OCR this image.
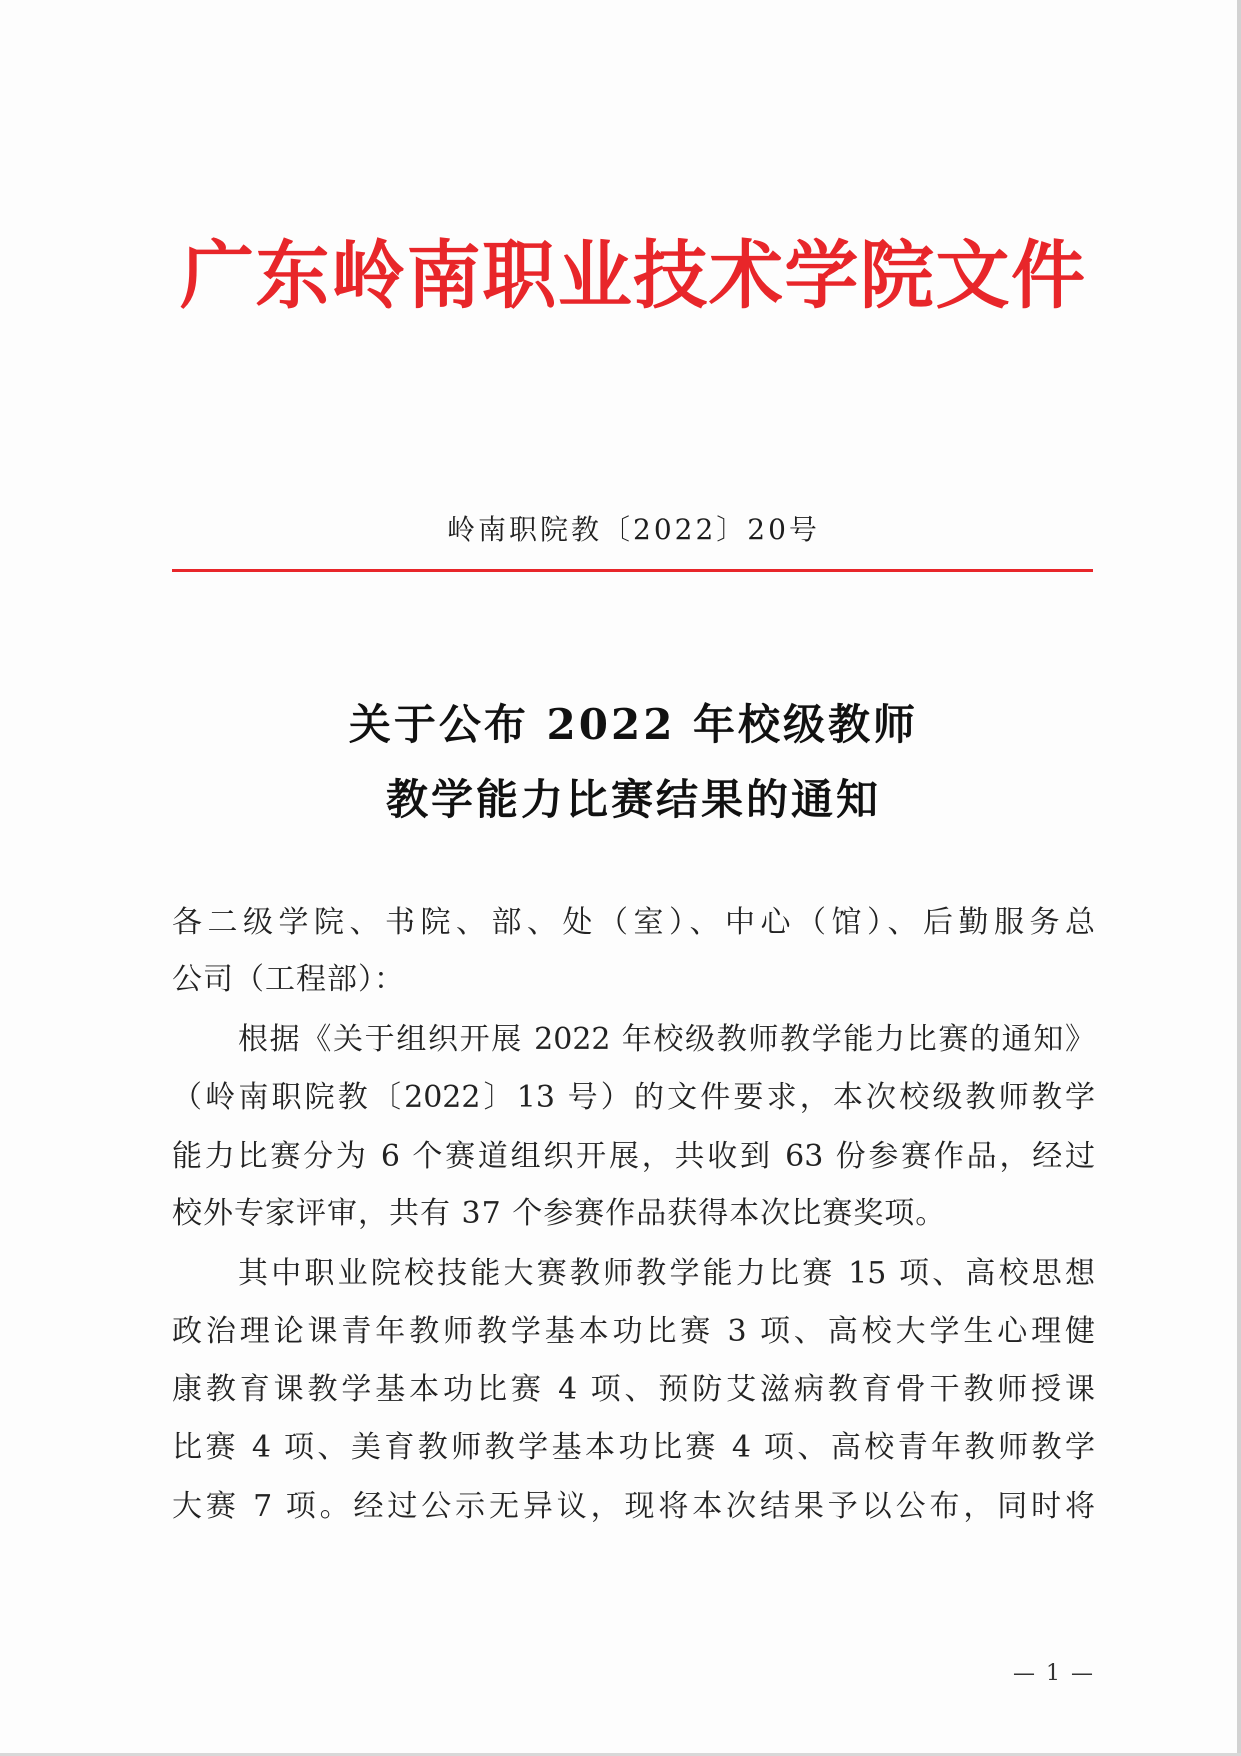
广东岭南职业技术学院文件
岭南职院教〔2022〕20号
关于公布 2022 年校级教师
教学能力比赛结果的通知
各二级学院、书院、部、处（室）、中心（馆）、后勤服务总
公司（工程部）：
根据《关于组织开展 2022 年校级教师教学能力比赛的通知》
（岭南职院教〔2022〕13 号）的文件要求，本次校级教师教学
能力比赛分为 6 个赛道组织开展，共收到 63 份参赛作品，经过
校外专家评审，共有 37 个参赛作品获得本次比赛奖项。
其中职业院校技能大赛教师教学能力比赛 15 项、高校思想
政治理论课青年教师教学基本功比赛 3 项、高校大学生心理健
康教育课教学基本功比赛 4 项、预防艾滋病教育骨干教师授课
比赛 4 项、美育教师教学基本功比赛 4 项、高校青年教师教学
大赛 7 项。经过公示无异议，现将本次结果予以公布，同时将
— 1 —
